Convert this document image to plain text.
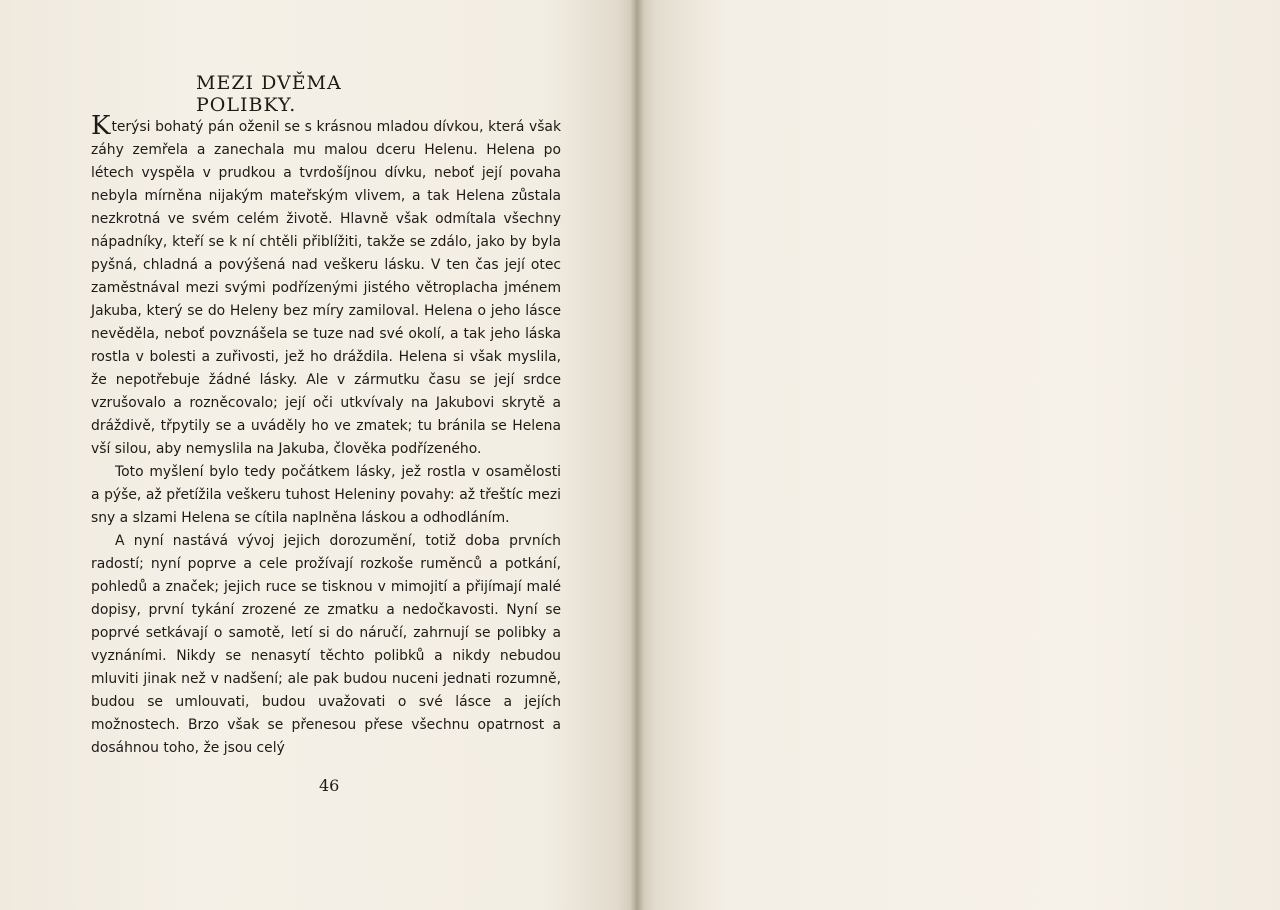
MEZI DVĚMA POLIBKY.

Kterýsi bohatý pán oženil se s krásnou mladou dívkou, která však záhy zemřela a zanechala mu malou dceru Helenu. Helena po létech vyspěla v prudkou a tvrdošíjnou dívku, neboť její povaha nebyla mírněna nijakým mateřským vlivem, a tak Helena zůstala nezkrotná ve svém celém životě. Hlavně však odmítala všechny nápadníky, kteří se k ní chtěli přiblížiti, takže se zdálo, jako by byla pyšná, chladná a povýšená nad veškeru lásku. V ten čas její otec zaměstnával mezi svými podřízenými jistého větroplacha jménem Jakuba, který se do Heleny bez míry zamiloval. Helena o jeho lásce nevěděla, neboť povznášela se tuze nad své okolí, a tak jeho láska rostla v bolesti a zuřivosti, jež ho dráždila. Helena si však myslila, že nepotřebuje žádné lásky. Ale v zármutku času se její srdce vzrušovalo a rozněcovalo; její oči utkvívaly na Jakubovi skrytě a dráždivě, třpytily se a uváděly ho ve zmatek; tu bránila se Helena vší silou, aby nemyslila na Jakuba, člověka podřízeného.

Toto myšlení bylo tedy počátkem lásky, jež rostla v osamělosti a pýše, až přetížila veškeru tuhost Heleniny povahy: až třeštíc mezi sny a slzami Helena se cítila naplněna láskou a odhodláním.

A nyní nastává vývoj jejich dorozumění, totiž doba prvních radostí; nyní poprve a cele prožívají rozkoše ruměnců a potkání, pohledů a značek; jejich ruce se tisknou v mimojití a přijímají malé dopisy, první tykání zrozené ze zmatku a nedočkavosti. Nyní se poprvé setkávají o samotě, letí si do náručí, zahrnují se polibky a vyznáními. Nikdy se nenasytí těchto polibků a nikdy nebudou mluviti jinak než v nadšení; ale pak budou nuceni jednati rozumně, budou se umlouvati, budou uvažovati o své lásce a jejích možnostech. Brzo však se přenesou přese všechnu opatrnost a dosáhnou toho, že jsou celý

46
